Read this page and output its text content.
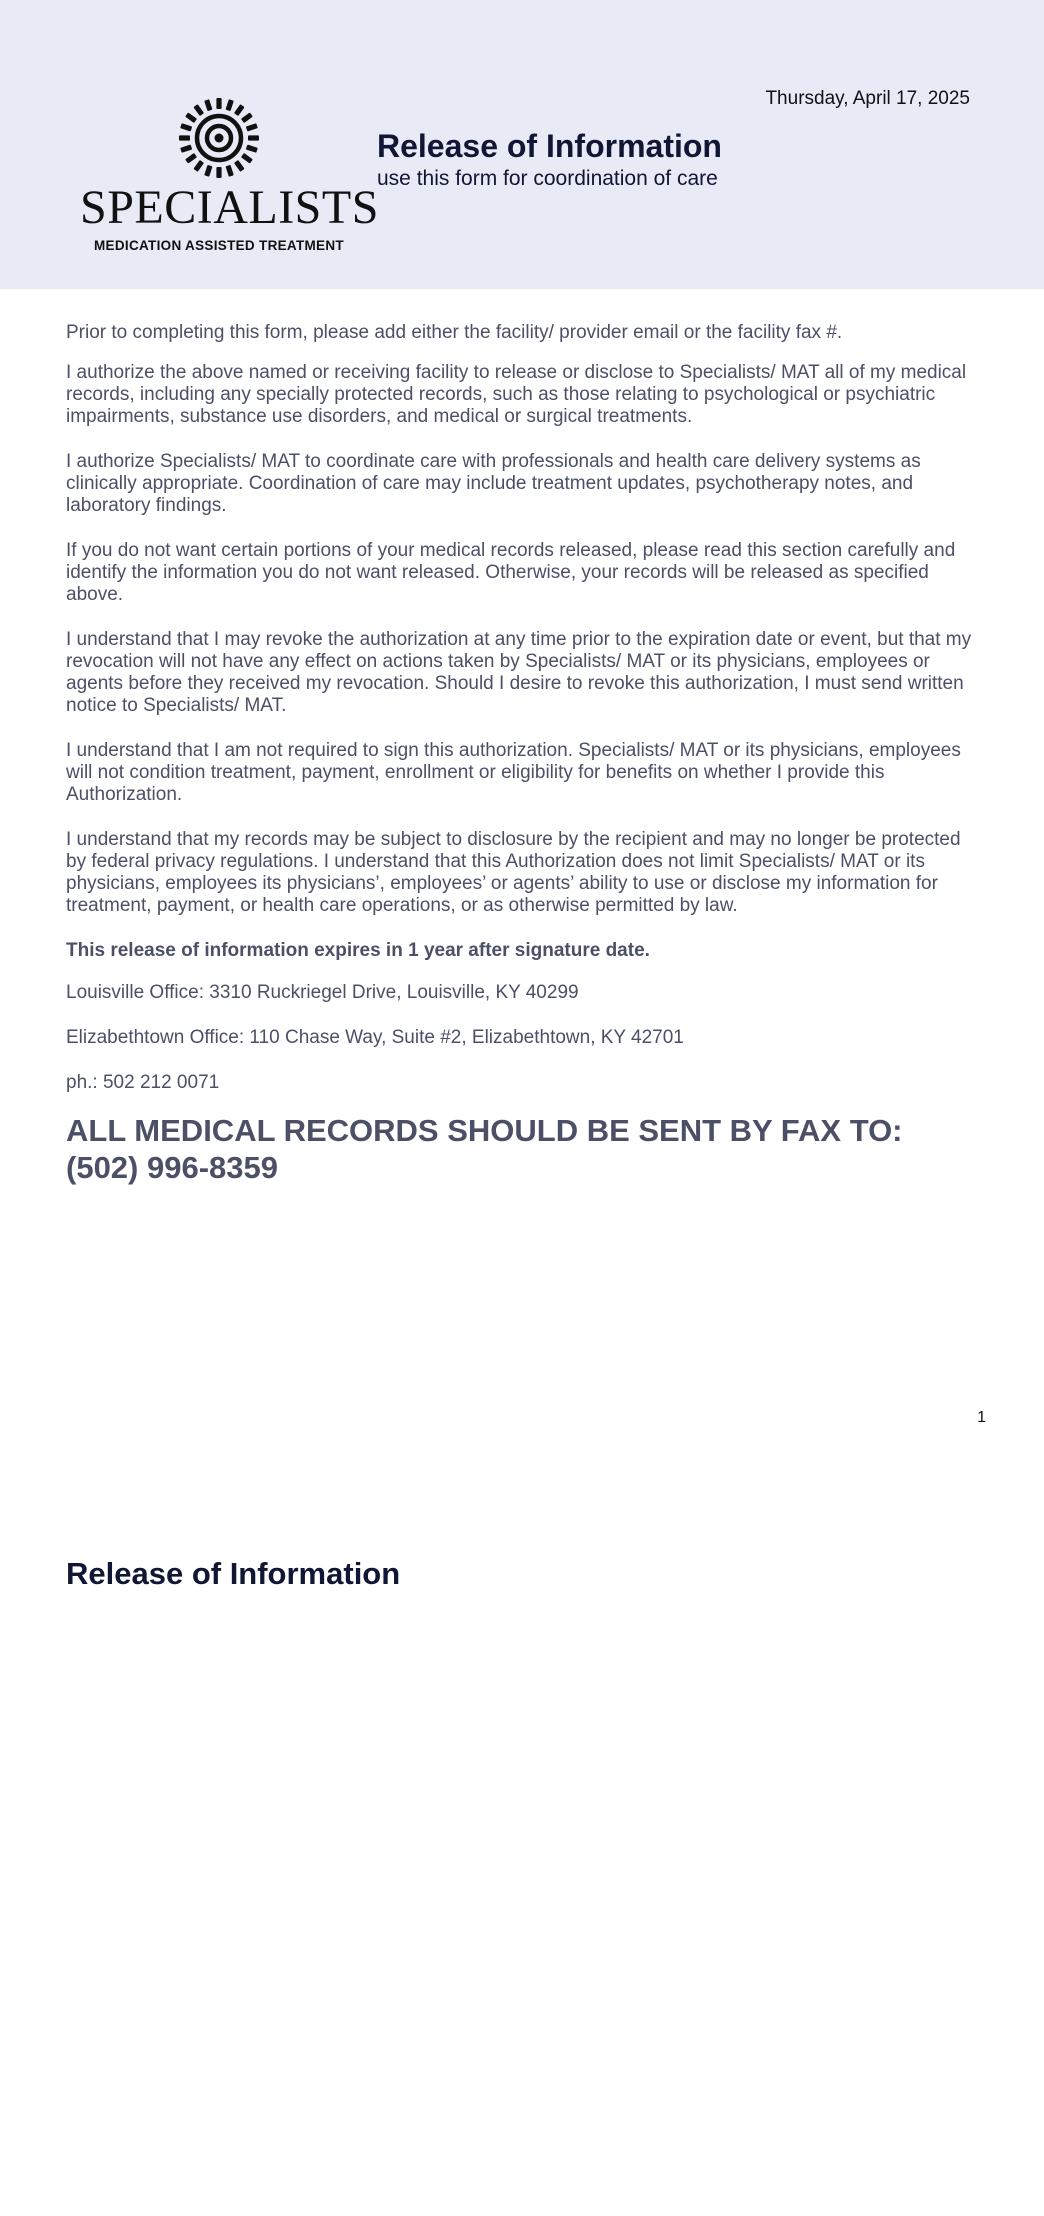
SPECIALISTS
MEDICATION ASSISTED TREATMENT
Thursday, April 17, 2025
Release of Information
use this form for coordination of care

Prior to completing this form, please add either the facility/ provider email or the facility fax #.

I authorize the above named or receiving facility to release or disclose to Specialists/ MAT all of my medical records, including any specially protected records, such as those relating to psychological or psychiatric impairments, substance use disorders, and medical or surgical treatments.

I authorize Specialists/ MAT to coordinate care with professionals and health care delivery systems as clinically appropriate. Coordination of care may include treatment updates, psychotherapy notes, and laboratory findings.

If you do not want certain portions of your medical records released, please read this section carefully and identify the information you do not want released. Otherwise, your records will be released as specified above.

I understand that I may revoke the authorization at any time prior to the expiration date or event, but that my revocation will not have any effect on actions taken by Specialists/ MAT or its physicians, employees or agents before they received my revocation. Should I desire to revoke this authorization, I must send written notice to Specialists/ MAT.

I understand that I am not required to sign this authorization. Specialists/ MAT or its physicians, employees will not condition treatment, payment, enrollment or eligibility for benefits on whether I provide this Authorization.

I understand that my records may be subject to disclosure by the recipient and may no longer be protected by federal privacy regulations. I understand that this Authorization does not limit Specialists/ MAT or its physicians, employees its physicians’, employees’ or agents’ ability to use or disclose my information for treatment, payment, or health care operations, or as otherwise permitted by law.

This release of information expires in 1 year after signature date.

Louisville Office: 3310 Ruckriegel Drive, Louisville, KY 40299

Elizabethtown Office: 110 Chase Way, Suite #2, Elizabethtown, KY 42701

ph.: 502 212 0071

ALL MEDICAL RECORDS SHOULD BE SENT BY FAX TO: (502) 996-8359
1
Release of Information
